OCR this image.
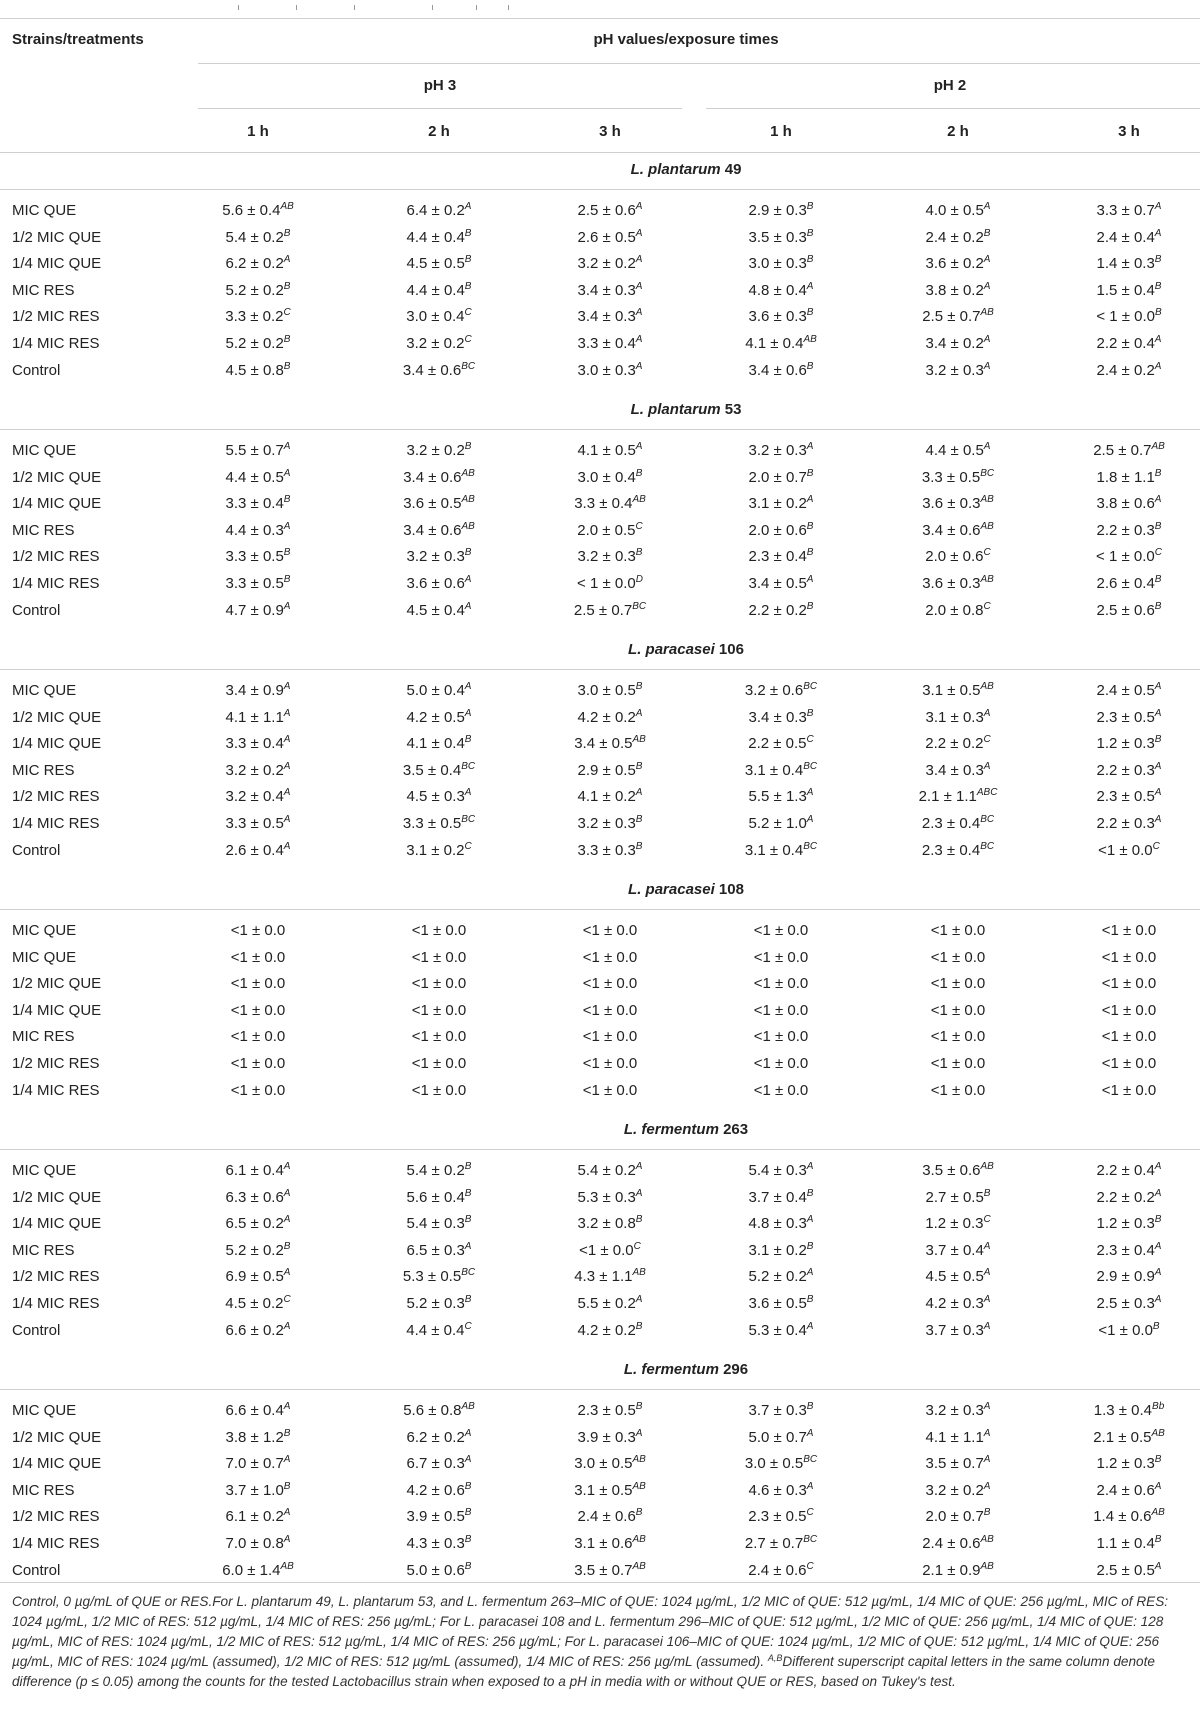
Strains/treatments	pH values/exposure times
pH 3	pH 2
1 h	2 h	3 h	1 h	2 h	3 h
L. plantarum 49
MIC QUE	$5.6 \pm 0.4^{AB}$	$6.4 \pm 0.2^A$	$2.5 \pm 0.6^A$	$2.9 \pm 0.3^B$	$4.0 \pm 0.5^A$	$3.3 \pm 0.7^A$
1/2 MIC QUE	$5.4 \pm 0.2^B$	$4.4 \pm 0.4^B$	$2.6 \pm 0.5^A$	$3.5 \pm 0.3^B$	$2.4 \pm 0.2^B$	$2.4 \pm 0.4^A$
1/4 MIC QUE	$6.2 \pm 0.2^A$	$4.5 \pm 0.5^B$	$3.2 \pm 0.2^A$	$3.0 \pm 0.3^B$	$3.6 \pm 0.2^A$	$1.4 \pm 0.3^B$
MIC RES	$5.2 \pm 0.2^B$	$4.4 \pm 0.4^B$	$3.4 \pm 0.3^A$	$4.8 \pm 0.4^A$	$3.8 \pm 0.2^A$	$1.5 \pm 0.4^B$
1/2 MIC RES	$3.3 \pm 0.2^C$	$3.0 \pm 0.4^C$	$3.4 \pm 0.3^A$	$3.6 \pm 0.3^B$	$2.5 \pm 0.7^{AB}$	< $1 \pm 0.0^B$
1/4 MIC RES	$5.2 \pm 0.2^B$	$3.2 \pm 0.2^C$	$3.3 \pm 0.4^A$	$4.1 \pm 0.4^{AB}$	$3.4 \pm 0.2^A$	$2.2 \pm 0.4^A$
Control	$4.5 \pm 0.8^B$	$3.4 \pm 0.6^{BC}$	$3.0 \pm 0.3^A$	$3.4 \pm 0.6^B$	$3.2 \pm 0.3^A$	$2.4 \pm 0.2^A$
L. plantarum 53
MIC QUE	$5.5 \pm 0.7^A$	$3.2 \pm 0.2^B$	$4.1 \pm 0.5^A$	$3.2 \pm 0.3^A$	$4.4 \pm 0.5^A$	$2.5 \pm 0.7^{AB}$
1/2 MIC QUE	$4.4 \pm 0.5^A$	$3.4 \pm 0.6^{AB}$	$3.0 \pm 0.4^B$	$2.0 \pm 0.7^B$	$3.3 \pm 0.5^{BC}$	$1.8 \pm 1.1^B$
1/4 MIC QUE	$3.3 \pm 0.4^B$	$3.6 \pm 0.5^{AB}$	$3.3 \pm 0.4^{AB}$	$3.1 \pm 0.2^A$	$3.6 \pm 0.3^{AB}$	$3.8 \pm 0.6^A$
MIC RES	$4.4 \pm 0.3^A$	$3.4 \pm 0.6^{AB}$	$2.0 \pm 0.5^C$	$2.0 \pm 0.6^B$	$3.4 \pm 0.6^{AB}$	$2.2 \pm 0.3^B$
1/2 MIC RES	$3.3 \pm 0.5^B$	$3.2 \pm 0.3^B$	$3.2 \pm 0.3^B$	$2.3 \pm 0.4^B$	$2.0 \pm 0.6^C$	< $1 \pm 0.0^C$
1/4 MIC RES	$3.3 \pm 0.5^B$	$3.6 \pm 0.6^A$	< $1 \pm 0.0^D$	$3.4 \pm 0.5^A$	$3.6 \pm 0.3^{AB}$	$2.6 \pm 0.4^B$
Control	$4.7 \pm 0.9^A$	$4.5 \pm 0.4^A$	$2.5 \pm 0.7^{BC}$	$2.2 \pm 0.2^B$	$2.0 \pm 0.8^C$	$2.5 \pm 0.6^B$
L. paracasei 106
MIC QUE	$3.4 \pm 0.9^A$	$5.0 \pm 0.4^A$	$3.0 \pm 0.5^B$	$3.2 \pm 0.6^{BC}$	$3.1 \pm 0.5^{AB}$	$2.4 \pm 0.5^A$
1/2 MIC QUE	$4.1 \pm 1.1^A$	$4.2 \pm 0.5^A$	$4.2 \pm 0.2^A$	$3.4 \pm 0.3^B$	$3.1 \pm 0.3^A$	$2.3 \pm 0.5^A$
1/4 MIC QUE	$3.3 \pm 0.4^A$	$4.1 \pm 0.4^B$	$3.4 \pm 0.5^{AB}$	$2.2 \pm 0.5^C$	$2.2 \pm 0.2^C$	$1.2 \pm 0.3^B$
MIC RES	$3.2 \pm 0.2^A$	$3.5 \pm 0.4^{BC}$	$2.9 \pm 0.5^B$	$3.1 \pm 0.4^{BC}$	$3.4 \pm 0.3^A$	$2.2 \pm 0.3^A$
1/2 MIC RES	$3.2 \pm 0.4^A$	$4.5 \pm 0.3^A$	$4.1 \pm 0.2^A$	$5.5 \pm 1.3^A$	$2.1 \pm 1.1^{ABC}$	$2.3 \pm 0.5^A$
1/4 MIC RES	$3.3 \pm 0.5^A$	$3.3 \pm 0.5^{BC}$	$3.2 \pm 0.3^B$	$5.2 \pm 1.0^A$	$2.3 \pm 0.4^{BC}$	$2.2 \pm 0.3^A$
Control	$2.6 \pm 0.4^A$	$3.1 \pm 0.2^C$	$3.3 \pm 0.3^B$	$3.1 \pm 0.4^{BC}$	$2.3 \pm 0.4^{BC}$	$<1 \pm 0.0^C$
L. paracasei 108
MIC QUE	<1 ± 0.0	<1 ± 0.0	<1 ± 0.0	<1 ± 0.0	<1 ± 0.0	<1 ± 0.0
MIC QUE	<1 ± 0.0	<1 ± 0.0	<1 ± 0.0	<1 ± 0.0	<1 ± 0.0	<1 ± 0.0
1/2 MIC QUE	<1 ± 0.0	<1 ± 0.0	<1 ± 0.0	<1 ± 0.0	<1 ± 0.0	<1 ± 0.0
1/4 MIC QUE	<1 ± 0.0	<1 ± 0.0	<1 ± 0.0	<1 ± 0.0	<1 ± 0.0	<1 ± 0.0
MIC RES	<1 ± 0.0	<1 ± 0.0	<1 ± 0.0	<1 ± 0.0	<1 ± 0.0	<1 ± 0.0
1/2 MIC RES	<1 ± 0.0	<1 ± 0.0	<1 ± 0.0	<1 ± 0.0	<1 ± 0.0	<1 ± 0.0
1/4 MIC RES	<1 ± 0.0	<1 ± 0.0	<1 ± 0.0	<1 ± 0.0	<1 ± 0.0	<1 ± 0.0
L. fermentum 263
MIC QUE	$6.1 \pm 0.4^A$	$5.4 \pm 0.2^B$	$5.4 \pm 0.2^A$	$5.4 \pm 0.3^A$	$3.5 \pm 0.6^{AB}$	$2.2 \pm 0.4^A$
1/2 MIC QUE	$6.3 \pm 0.6^A$	$5.6 \pm 0.4^B$	$5.3 \pm 0.3^A$	$3.7 \pm 0.4^B$	$2.7 \pm 0.5^B$	$2.2 \pm 0.2^A$
1/4 MIC QUE	$6.5 \pm 0.2^A$	$5.4 \pm 0.3^B$	$3.2 \pm 0.8^B$	$4.8 \pm 0.3^A$	$1.2 \pm 0.3^C$	$1.2 \pm 0.3^B$
MIC RES	$5.2 \pm 0.2^B$	$6.5 \pm 0.3^A$	$<1 \pm 0.0^C$	$3.1 \pm 0.2^B$	$3.7 \pm 0.4^A$	$2.3 \pm 0.4^A$
1/2 MIC RES	$6.9 \pm 0.5^A$	$5.3 \pm 0.5^{BC}$	$4.3 \pm 1.1^{AB}$	$5.2 \pm 0.2^A$	$4.5 \pm 0.5^A$	$2.9 \pm 0.9^A$
1/4 MIC RES	$4.5 \pm 0.2^C$	$5.2 \pm 0.3^B$	$5.5 \pm 0.2^A$	$3.6 \pm 0.5^B$	$4.2 \pm 0.3^A$	$2.5 \pm 0.3^A$
Control	$6.6 \pm 0.2^A$	$4.4 \pm 0.4^C$	$4.2 \pm 0.2^B$	$5.3 \pm 0.4^A$	$3.7 \pm 0.3^A$	$<1 \pm 0.0^B$
L. fermentum 296
MIC QUE	$6.6 \pm 0.4^A$	$5.6 \pm 0.8^{AB}$	$2.3 \pm 0.5^B$	$3.7 \pm 0.3^B$	$3.2 \pm 0.3^A$	$1.3 \pm 0.4^{Bb}$
1/2 MIC QUE	$3.8 \pm 1.2^B$	$6.2 \pm 0.2^A$	$3.9 \pm 0.3^A$	$5.0 \pm 0.7^A$	$4.1 \pm 1.1^A$	$2.1 \pm 0.5^{AB}$
1/4 MIC QUE	$7.0 \pm 0.7^A$	$6.7 \pm 0.3^A$	$3.0 \pm 0.5^{AB}$	$3.0 \pm 0.5^{BC}$	$3.5 \pm 0.7^A$	$1.2 \pm 0.3^B$
MIC RES	$3.7 \pm 1.0^B$	$4.2 \pm 0.6^B$	$3.1 \pm 0.5^{AB}$	$4.6 \pm 0.3^A$	$3.2 \pm 0.2^A$	$2.4 \pm 0.6^A$
1/2 MIC RES	$6.1 \pm 0.2^A$	$3.9 \pm 0.5^B$	$2.4 \pm 0.6^B$	$2.3 \pm 0.5^C$	$2.0 \pm 0.7^B$	$1.4 \pm 0.6^{AB}$
1/4 MIC RES	$7.0 \pm 0.8^A$	$4.3 \pm 0.3^B$	$3.1 \pm 0.6^{AB}$	$2.7 \pm 0.7^{BC}$	$2.4 \pm 0.6^{AB}$	$1.1 \pm 0.4^B$
Control	$6.0 \pm 1.4^{AB}$	$5.0 \pm 0.6^B$	$3.5 \pm 0.7^{AB}$	$2.4 \pm 0.6^C$	$2.1 \pm 0.9^{AB}$	$2.5 \pm 0.5^A$
Control, 0 µg/mL of QUE or RES.For L. plantarum 49, L. plantarum 53, and L. fermentum 263–MIC of QUE: 1024 µg/mL, 1/2 MIC of QUE: 512 µg/mL, 1/4 MIC of QUE: 256 µg/mL, MIC of RES: 1024 µg/mL, 1/2 MIC of RES: 512 µg/mL, 1/4 MIC of RES: 256 µg/mL; For L. paracasei 108 and L. fermentum 296–MIC of QUE: 512 µg/mL, 1/2 MIC of QUE: 256 µg/mL, 1/4 MIC of QUE: 128 µg/mL, MIC of RES: 1024 µg/mL, 1/2 MIC of RES: 512 µg/mL, 1/4 MIC of RES: 256 µg/mL; For L. paracasei 106–MIC of QUE: 1024 µg/mL, 1/2 MIC of QUE: 512 µg/mL, 1/4 MIC of QUE: 256 µg/mL, MIC of RES: 1024 µg/mL (assumed), 1/2 MIC of RES: 512 µg/mL (assumed), 1/4 MIC of RES: 256 µg/mL (assumed). $^{A,B}$Different superscript capital letters in the same column denote difference (p ≤ 0.05) among the counts for the tested Lactobacillus strain when exposed to a pH in media with or without QUE or RES, based on Tukey's test.
